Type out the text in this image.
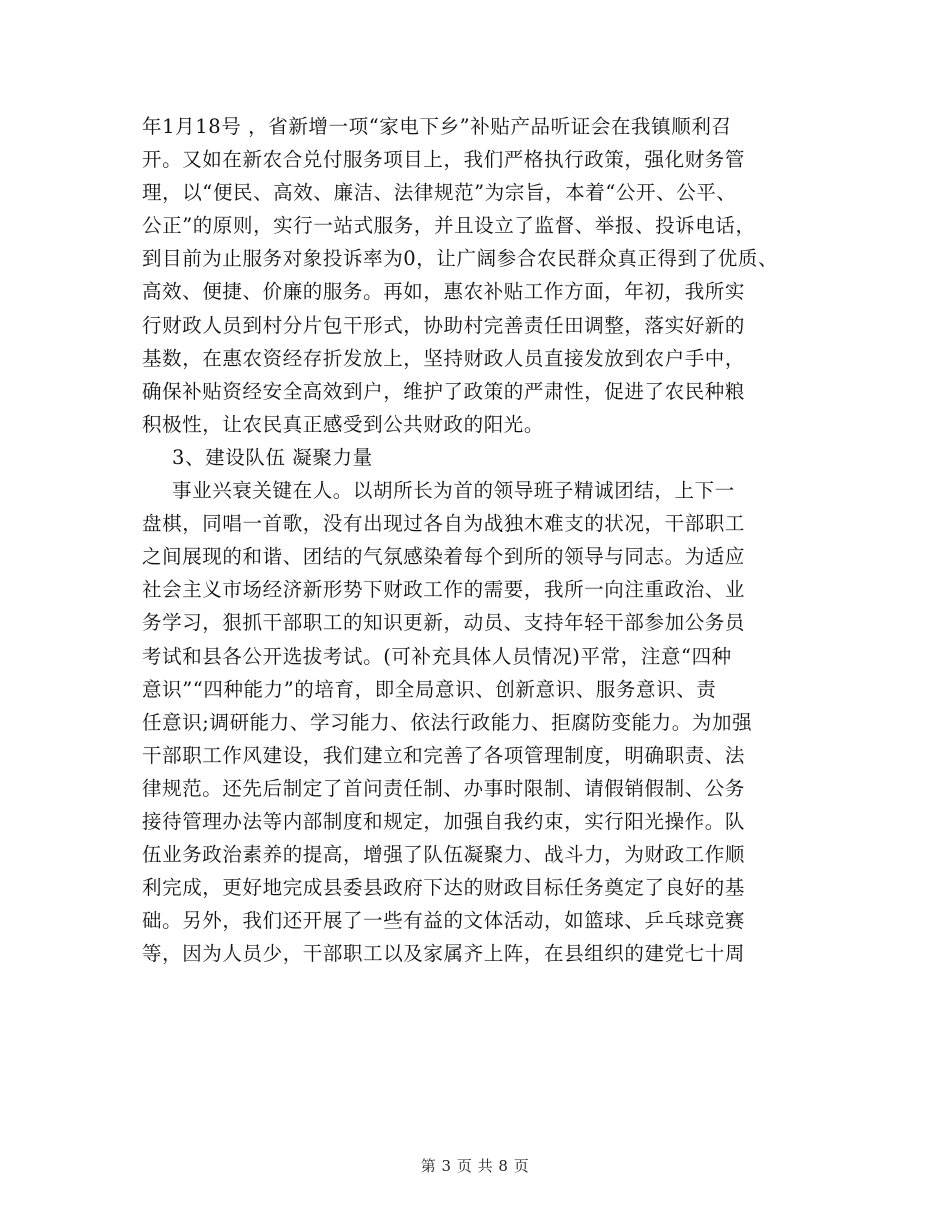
年1月18号 ，省新增一项“家电下乡”补贴产品听证会在我镇顺利召
开。又如在新农合兑付服务项目上，我们严格执行政策，强化财务管
理，以“便民、高效、廉洁、法律规范”为宗旨，本着“公开、公平、
公正”的原则，实行一站式服务，并且设立了监督、举报、投诉电话，
到目前为止服务对象投诉率为0，让广阔参合农民群众真正得到了优质、
高效、便捷、价廉的服务。再如，惠农补贴工作方面，年初，我所实
行财政人员到村分片包干形式，协助村完善责任田调整，落实好新的
基数，在惠农资经存折发放上，坚持财政人员直接发放到农户手中，
确保补贴资经安全高效到户，维护了政策的严肃性，促进了农民种粮
积极性，让农民真正感受到公共财政的阳光。
3、建设队伍 凝聚力量
事业兴衰关键在人。以胡所长为首的领导班子精诚团结，上下一
盘棋，同唱一首歌，没有出现过各自为战独木难支的状况，干部职工
之间展现的和谐、团结的气氛感染着每个到所的领导与同志。为适应
社会主义市场经济新形势下财政工作的需要，我所一向注重政治、业
务学习，狠抓干部职工的知识更新，动员、支持年轻干部参加公务员
考试和县各公开选拔考试。(可补充具体人员情况)平常，注意“四种
意识”“四种能力”的培育，即全局意识、创新意识、服务意识、责
任意识;调研能力、学习能力、依法行政能力、拒腐防变能力。为加强
干部职工作风建设，我们建立和完善了各项管理制度，明确职责、法
律规范。还先后制定了首问责任制、办事时限制、请假销假制、公务
接待管理办法等内部制度和规定，加强自我约束，实行阳光操作。队
伍业务政治素养的提高，增强了队伍凝聚力、战斗力，为财政工作顺
利完成，更好地完成县委县政府下达的财政目标任务奠定了良好的基
础。另外，我们还开展了一些有益的文体活动，如篮球、乒乓球竞赛
等，因为人员少，干部职工以及家属齐上阵，在县组织的建党七十周
第 3 页 共 8 页
